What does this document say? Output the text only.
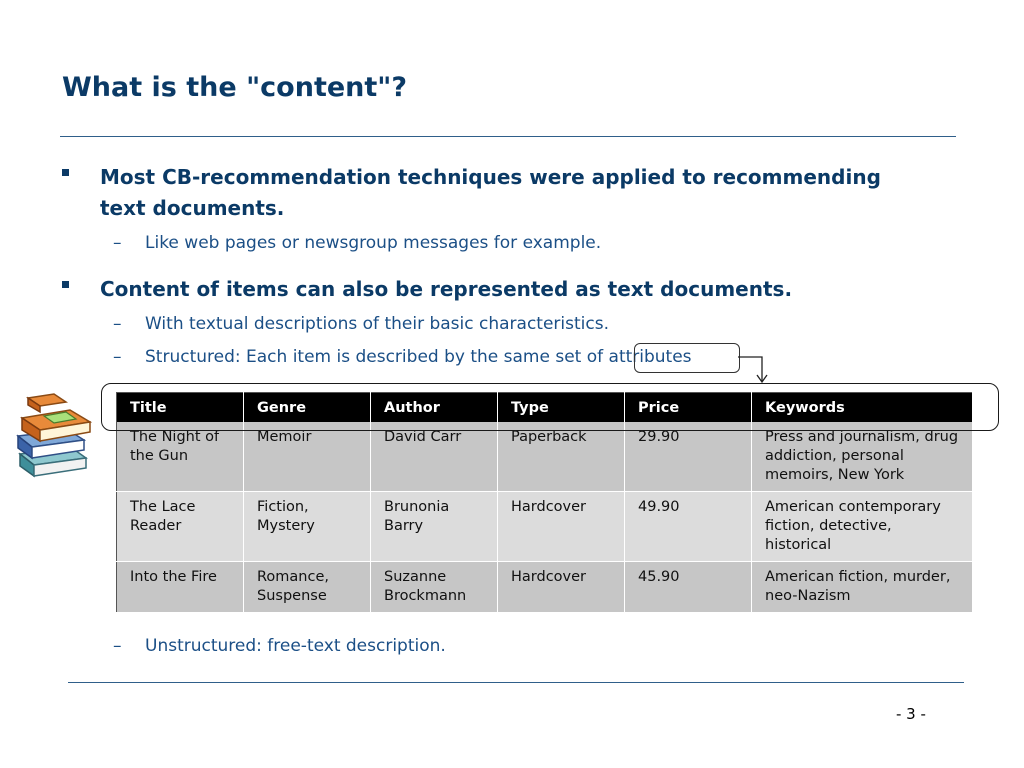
What is the "content"?
Most CB-recommendation techniques were applied to recommending text documents.
– Like web pages or newsgroup messages for example.
Content of items can also be represented as text documents.
– With textual descriptions of their basic characteristics.
– Structured: Each item is described by the same set of attributes
Title	Genre	Author	Type	Price	Keywords
The Night of the Gun	Memoir	David Carr	Paperback	29.90	Press and journalism, drug addiction, personal memoirs, New York
The Lace Reader	Fiction, Mystery	Brunonia Barry	Hardcover	49.90	American contemporary fiction, detective, historical
Into the Fire	Romance, Suspense	Suzanne Brockmann	Hardcover	45.90	American fiction, murder, neo-Nazism
– Unstructured: free-text description.
- 3 -
